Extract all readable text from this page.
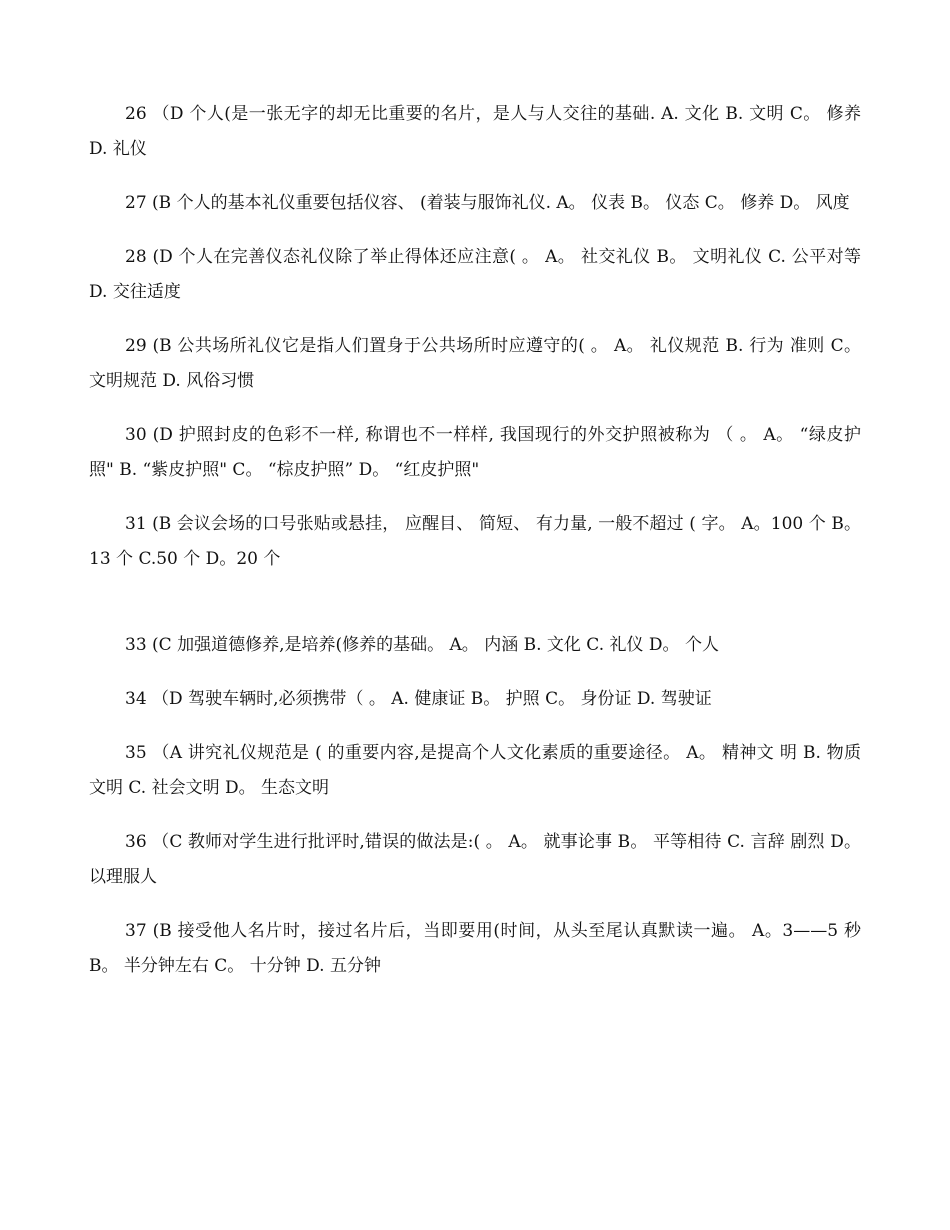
26 （D 个人(是一张无字的却无比重要的名片，是人与人交往的基础. A. 文化 B. 文明 C。 修养 D. 礼仪

27 (B 个人的基本礼仪重要包括仪容、 (着装与服饰礼仪. A。 仪表 B。 仪态 C。 修养 D。 风度

28 (D 个人在完善仪态礼仪除了举止得体还应注意( 。 A。 社交礼仪 B。 文明礼仪 C. 公平对等 D. 交往适度

29 (B 公共场所礼仪它是指人们置身于公共场所时应遵守的( 。 A。 礼仪规范 B. 行为 准则 C。 文明规范 D. 风俗习惯

30 (D 护照封皮的色彩不一样, 称谓也不一样样, 我国现行的外交护照被称为 （ 。 A。 “绿皮护照" B. “紫皮护照" C。 “棕皮护照” D。 “红皮护照"

31 (B 会议会场的口号张贴或悬挂， 应醒目、 简短、 有力量, 一般不超过 ( 字。 A。100 个 B。13 个 C.50 个 D。20 个

33 (C 加强道德修养,是培养(修养的基础。 A。 内涵 B. 文化 C. 礼仪 D。 个人

34 （D 驾驶车辆时,必须携带（ 。 A. 健康证 B。 护照 C。 身份证 D. 驾驶证

35 （A 讲究礼仪规范是 ( 的重要内容,是提高个人文化素质的重要途径。 A。 精神文 明 B. 物质文明 C. 社会文明 D。 生态文明

36 （C 教师对学生进行批评时,错误的做法是:( 。 A。 就事论事 B。 平等相待 C. 言辞 剧烈 D。 以理服人

37 (B 接受他人名片时，接过名片后，当即要用(时间，从头至尾认真默读一遍。 A。3——5 秒 B。 半分钟左右 C。 十分钟 D. 五分钟
